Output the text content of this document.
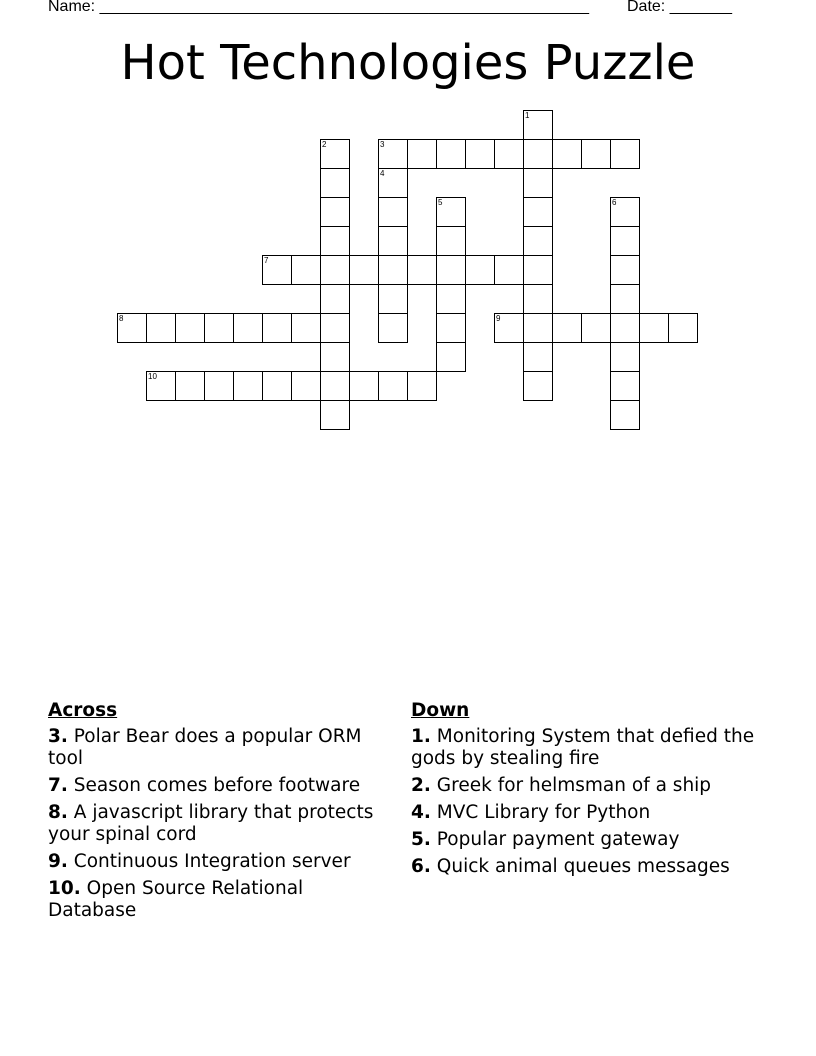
Name: _______________________________________________________ Date: _______
Hot Technologies Puzzle
3
7
8	9
10
1
2
4
5	6
Across
3. Polar Bear does a popular ORM tool
7. Season comes before footware
8. A javascript library that protects your spinal cord
9. Continuous Integration server
10. Open Source Relational Database
Down
1. Monitoring System that defied the gods by stealing fire
2. Greek for helmsman of a ship
4. MVC Library for Python
5. Popular payment gateway
6. Quick animal queues messages
